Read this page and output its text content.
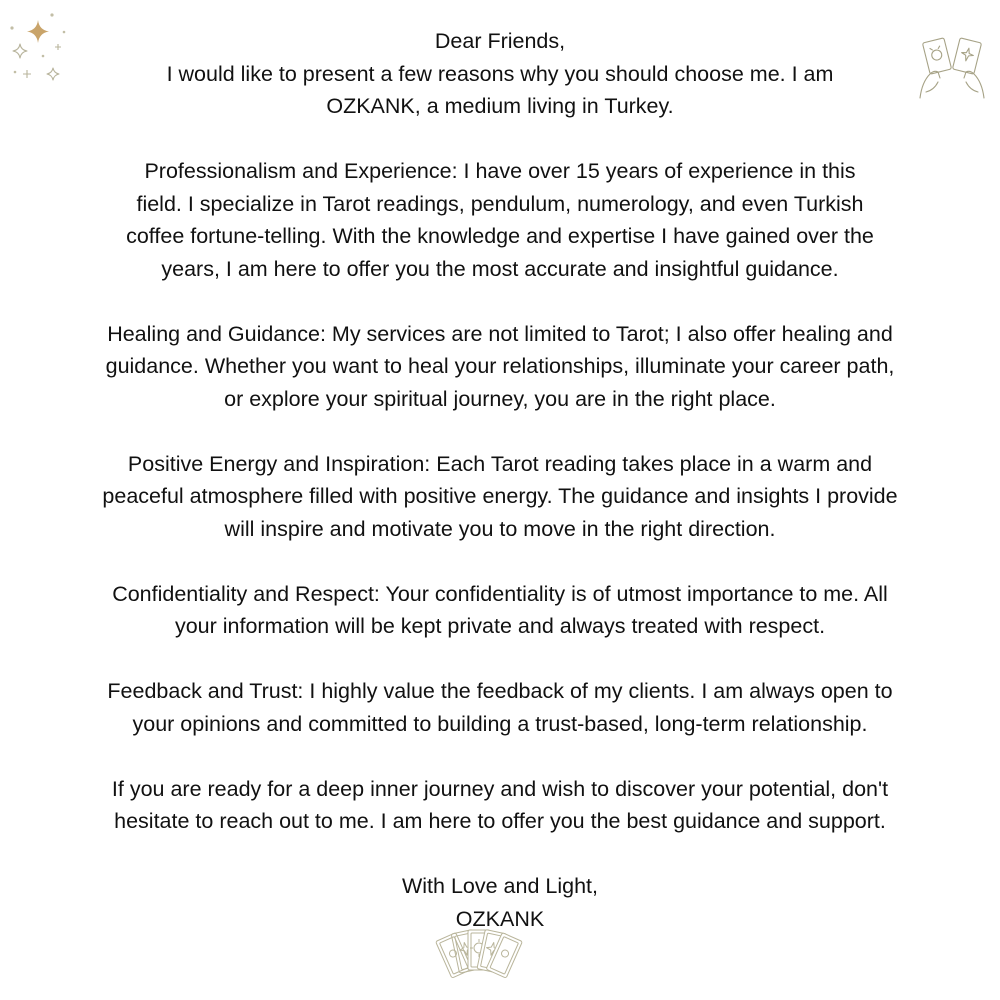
Dear Friends,
I would like to present a few reasons why you should choose me. I am
OZKANK, a medium living in Turkey.

Professionalism and Experience: I have over 15 years of experience in this
field. I specialize in Tarot readings, pendulum, numerology, and even Turkish
coffee fortune-telling. With the knowledge and expertise I have gained over the
years, I am here to offer you the most accurate and insightful guidance.

Healing and Guidance: My services are not limited to Tarot; I also offer healing and
guidance. Whether you want to heal your relationships, illuminate your career path,
or explore your spiritual journey, you are in the right place.

Positive Energy and Inspiration: Each Tarot reading takes place in a warm and
peaceful atmosphere filled with positive energy. The guidance and insights I provide
will inspire and motivate you to move in the right direction.

Confidentiality and Respect: Your confidentiality is of utmost importance to me. All
your information will be kept private and always treated with respect.

Feedback and Trust: I highly value the feedback of my clients. I am always open to
your opinions and committed to building a trust-based, long-term relationship.

If you are ready for a deep inner journey and wish to discover your potential, don't
hesitate to reach out to me. I am here to offer you the best guidance and support.

With Love and Light,
OZKANK
